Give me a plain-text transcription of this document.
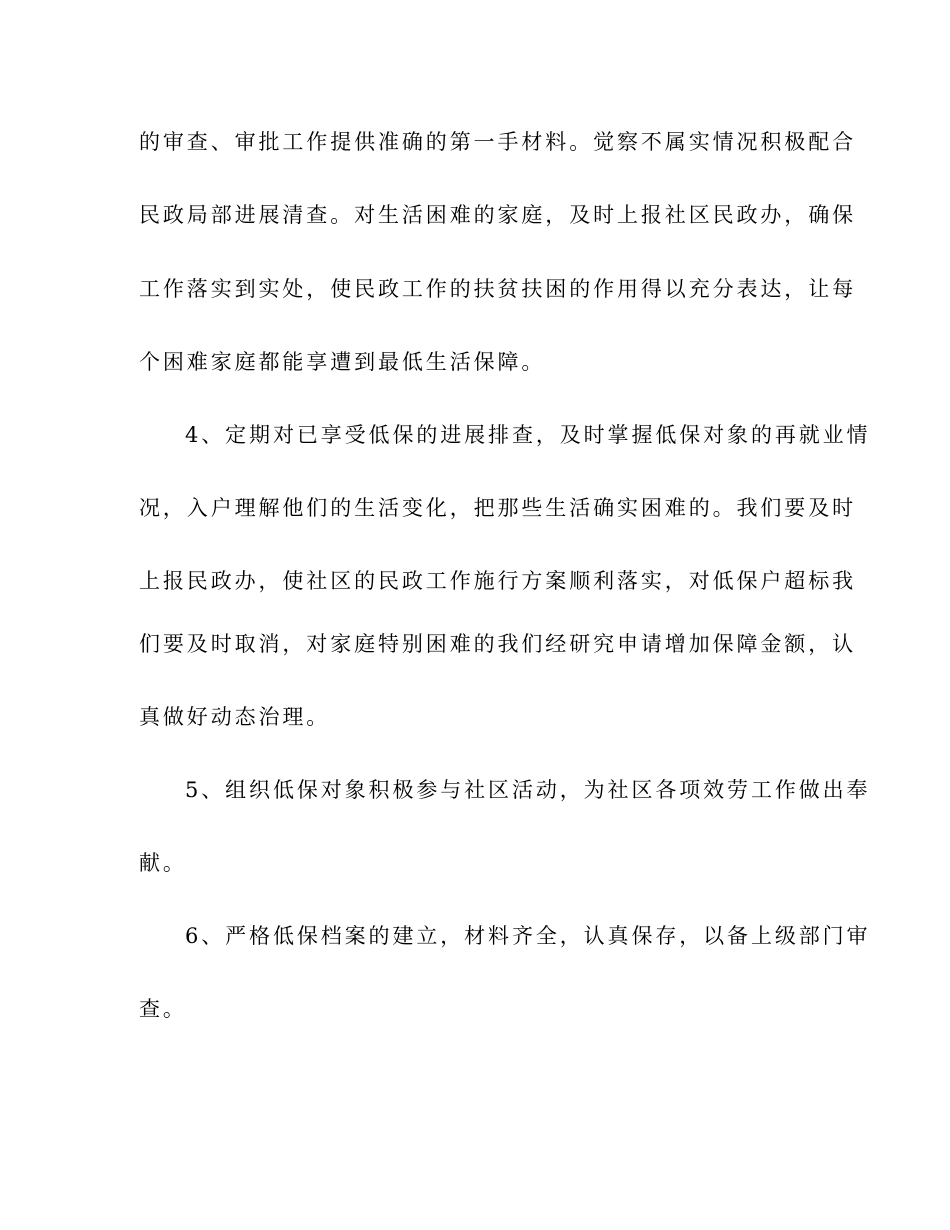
的审查、审批工作提供准确的第一手材料。觉察不属实情况积极配合
民政局部进展清查。对生活困难的家庭，及时上报社区民政办，确保
工作落实到实处，使民政工作的扶贫扶困的作用得以充分表达，让每
个困难家庭都能享遭到最低生活保障。
4、定期对已享受低保的进展排查，及时掌握低保对象的再就业情
况，入户理解他们的生活变化，把那些生活确实困难的。我们要及时
上报民政办，使社区的民政工作施行方案顺利落实，对低保户超标我
们要及时取消，对家庭特别困难的我们经研究申请增加保障金额，认
真做好动态治理。
5、组织低保对象积极参与社区活动，为社区各项效劳工作做出奉
献。
6、严格低保档案的建立，材料齐全，认真保存，以备上级部门审
查。
